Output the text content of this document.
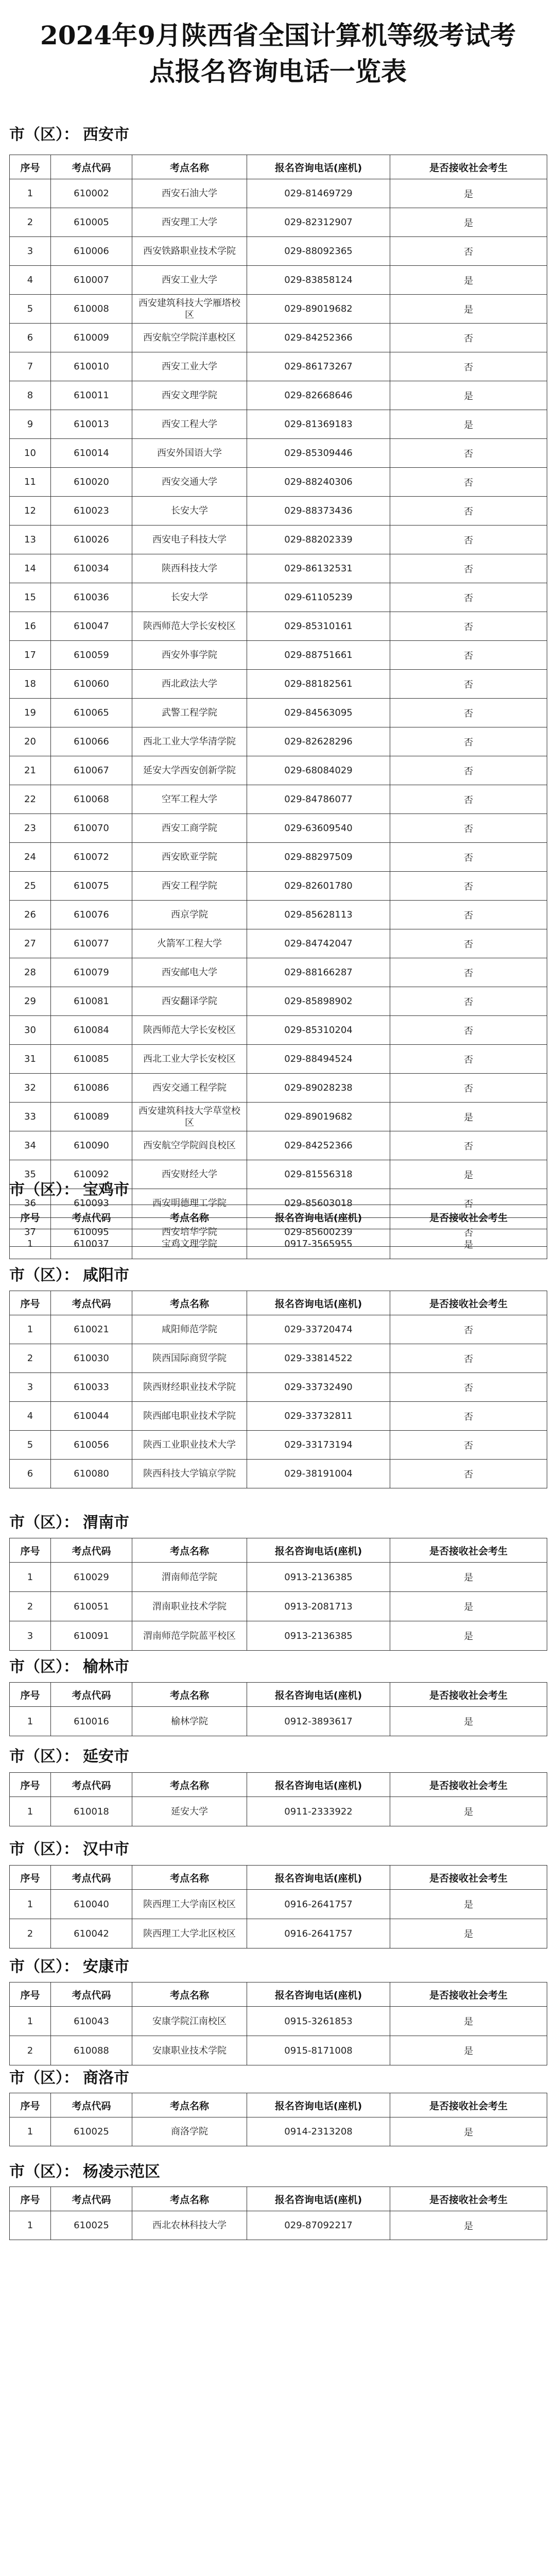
2024年9月陕西省全国计算机等级考试考
点报名咨询电话一览表
市（区）： 西安市
序号	考点代码	考点名称	报名咨询电话(座机)	是否接收社会考生
1	610002	西安石油大学	029-81469729	是
2	610005	西安理工大学	029-82312907	是
3	610006	西安铁路职业技术学院	029-88092365	否
4	610007	西安工业大学	029-83858124	是
5	610008	西安建筑科技大学雁塔校区	029-89019682	是
6	610009	西安航空学院洋惠校区	029-84252366	否
7	610010	西安工业大学	029-86173267	否
8	610011	西安文理学院	029-82668646	是
9	610013	西安工程大学	029-81369183	是
10	610014	西安外国语大学	029-85309446	否
11	610020	西安交通大学	029-88240306	否
12	610023	长安大学	029-88373436	否
13	610026	西安电子科技大学	029-88202339	否
14	610034	陕西科技大学	029-86132531	否
15	610036	长安大学	029-61105239	否
16	610047	陕西师范大学长安校区	029-85310161	否
17	610059	西安外事学院	029-88751661	否
18	610060	西北政法大学	029-88182561	否
19	610065	武警工程学院	029-84563095	否
20	610066	西北工业大学华清学院	029-82628296	否
21	610067	延安大学西安创新学院	029-68084029	否
22	610068	空军工程大学	029-84786077	否
23	610070	西安工商学院	029-63609540	否
24	610072	西安欧亚学院	029-88297509	否
25	610075	西安工程学院	029-82601780	否
26	610076	西京学院	029-85628113	否
27	610077	火箭军工程大学	029-84742047	否
28	610079	西安邮电大学	029-88166287	否
29	610081	西安翻译学院	029-85898902	否
30	610084	陕西师范大学长安校区	029-85310204	否
31	610085	西北工业大学长安校区	029-88494524	否
32	610086	西安交通工程学院	029-89028238	否
33	610089	西安建筑科技大学草堂校区	029-89019682	是
34	610090	西安航空学院阎良校区	029-84252366	否
35	610092	西安财经大学	029-81556318	是
36	610093	西安明德理工学院	029-85603018	否
37	610095	西安培华学院	029-85600239	否
市（区）： 宝鸡市
序号	考点代码	考点名称	报名咨询电话(座机)	是否接收社会考生
1	610037	宝鸡文理学院	0917-3565955	是
市（区）： 咸阳市
序号	考点代码	考点名称	报名咨询电话(座机)	是否接收社会考生
1	610021	咸阳师范学院	029-33720474	否
2	610030	陕西国际商贸学院	029-33814522	否
3	610033	陕西财经职业技术学院	029-33732490	否
4	610044	陕西邮电职业技术学院	029-33732811	否
5	610056	陕西工业职业技术大学	029-33173194	否
6	610080	陕西科技大学镐京学院	029-38191004	否
市（区）： 渭南市
序号	考点代码	考点名称	报名咨询电话(座机)	是否接收社会考生
1	610029	渭南师范学院	0913-2136385	是
2	610051	渭南职业技术学院	0913-2081713	是
3	610091	渭南师范学院蓝平校区	0913-2136385	是
市（区）： 榆林市
序号	考点代码	考点名称	报名咨询电话(座机)	是否接收社会考生
1	610016	榆林学院	0912-3893617	是
市（区）： 延安市
序号	考点代码	考点名称	报名咨询电话(座机)	是否接收社会考生
1	610018	延安大学	0911-2333922	是
市（区）： 汉中市
序号	考点代码	考点名称	报名咨询电话(座机)	是否接收社会考生
1	610040	陕西理工大学南区校区	0916-2641757	是
2	610042	陕西理工大学北区校区	0916-2641757	是
市（区）： 安康市
序号	考点代码	考点名称	报名咨询电话(座机)	是否接收社会考生
1	610043	安康学院江南校区	0915-3261853	是
2	610088	安康职业技术学院	0915-8171008	是
市（区）： 商洛市
序号	考点代码	考点名称	报名咨询电话(座机)	是否接收社会考生
1	610025	商洛学院	0914-2313208	是
市（区）： 杨凌示范区
序号	考点代码	考点名称	报名咨询电话(座机)	是否接收社会考生
1	610025	西北农林科技大学	029-87092217	是
